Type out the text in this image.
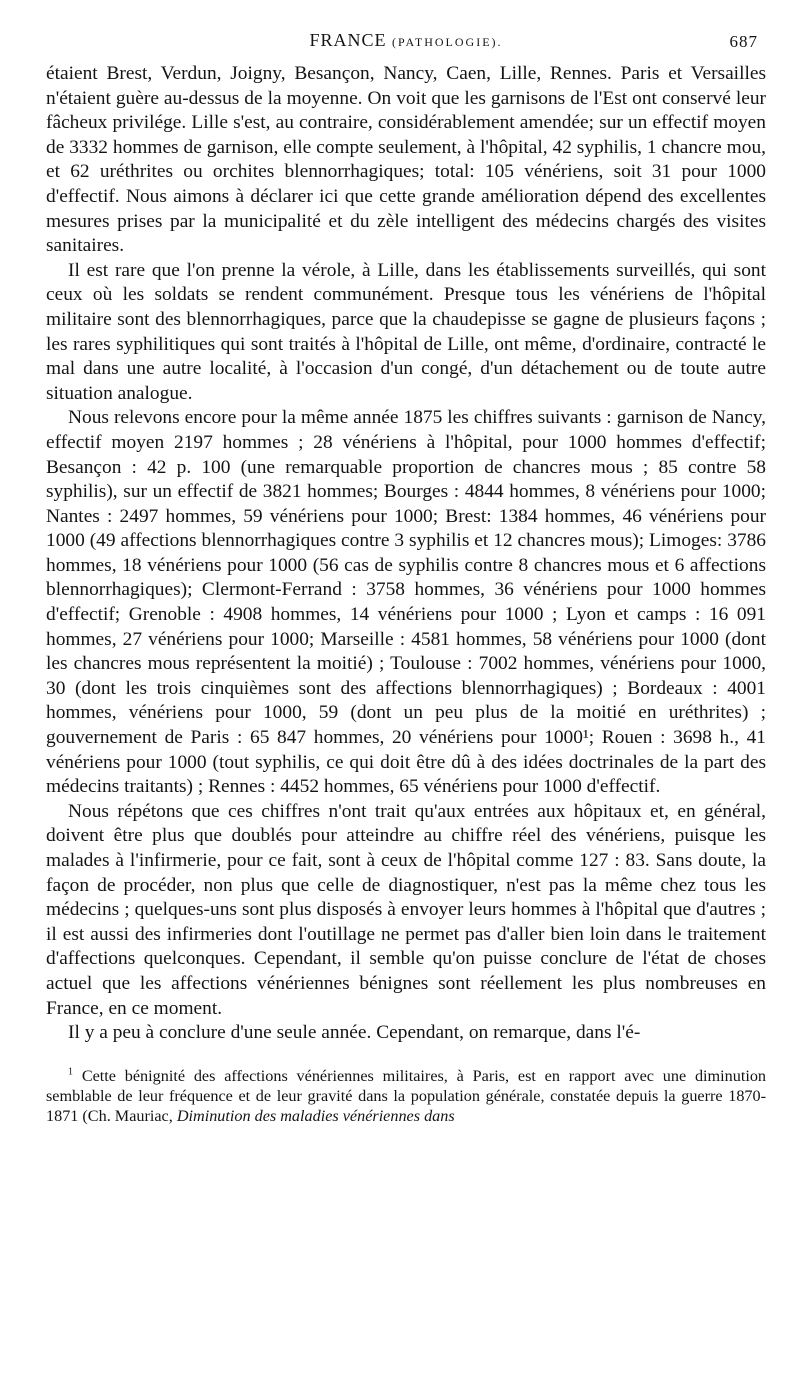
FRANCE (PATHOLOGIE).	687

étaient Brest, Verdun, Joigny, Besançon, Nancy, Caen, Lille, Rennes. Paris et Versailles n'étaient guère au-dessus de la moyenne. On voit que les garnisons de l'Est ont conservé leur fâcheux privilége. Lille s'est, au contraire, considérablement amendée; sur un effectif moyen de 3332 hommes de garnison, elle compte seulement, à l'hôpital, 42 syphilis, 1 chancre mou, et 62 uréthrites ou orchites blennorrhagiques; total: 105 vénériens, soit 31 pour 1000 d'effectif. Nous aimons à déclarer ici que cette grande amélioration dépend des excellentes mesures prises par la municipalité et du zèle intelligent des médecins chargés des visites sanitaires.

Il est rare que l'on prenne la vérole, à Lille, dans les établissements surveillés, qui sont ceux où les soldats se rendent communément. Presque tous les vénériens de l'hôpital militaire sont des blennorrhagiques, parce que la chaudepisse se gagne de plusieurs façons ; les rares syphilitiques qui sont traités à l'hôpital de Lille, ont même, d'ordinaire, contracté le mal dans une autre localité, à l'occasion d'un congé, d'un détachement ou de toute autre situation analogue.

Nous relevons encore pour la même année 1875 les chiffres suivants : garnison de Nancy, effectif moyen 2197 hommes ; 28 vénériens à l'hôpital, pour 1000 hommes d'effectif; Besançon : 42 p. 100 (une remarquable proportion de chancres mous ; 85 contre 58 syphilis), sur un effectif de 3821 hommes; Bourges : 4844 hommes, 8 vénériens pour 1000; Nantes : 2497 hommes, 59 vénériens pour 1000; Brest: 1384 hommes, 46 vénériens pour 1000 (49 affections blennorrhagiques contre 3 syphilis et 12 chancres mous); Limoges: 3786 hommes, 18 vénériens pour 1000 (56 cas de syphilis contre 8 chancres mous et 6 affections blennorrhagiques); Clermont-Ferrand : 3758 hommes, 36 vénériens pour 1000 hommes d'effectif; Grenoble : 4908 hommes, 14 vénériens pour 1000 ; Lyon et camps : 16 091 hommes, 27 vénériens pour 1000; Marseille : 4581 hommes, 58 vénériens pour 1000 (dont les chancres mous représentent la moitié) ; Toulouse : 7002 hommes, vénériens pour 1000, 30 (dont les trois cinquièmes sont des affections blennorrhagiques) ; Bordeaux : 4001 hommes, vénériens pour 1000, 59 (dont un peu plus de la moitié en uréthrites) ; gouvernement de Paris : 65 847 hommes, 20 vénériens pour 1000¹; Rouen : 3698 h., 41 vénériens pour 1000 (tout syphilis, ce qui doit être dû à des idées doctrinales de la part des médecins traitants) ; Rennes : 4452 hommes, 65 vénériens pour 1000 d'effectif.

Nous répétons que ces chiffres n'ont trait qu'aux entrées aux hôpitaux et, en général, doivent être plus que doublés pour atteindre au chiffre réel des vénériens, puisque les malades à l'infirmerie, pour ce fait, sont à ceux de l'hôpital comme 127 : 83. Sans doute, la façon de procéder, non plus que celle de diagnostiquer, n'est pas la même chez tous les médecins ; quelques-uns sont plus disposés à envoyer leurs hommes à l'hôpital que d'autres ; il est aussi des infirmeries dont l'outillage ne permet pas d'aller bien loin dans le traitement d'affections quelconques. Cependant, il semble qu'on puisse conclure de l'état de choses actuel que les affections vénériennes bénignes sont réellement les plus nombreuses en France, en ce moment.

Il y a peu à conclure d'une seule année. Cependant, on remarque, dans l'é-

$^1$ Cette bénignité des affections vénériennes militaires, à Paris, est en rapport avec une diminution semblable de leur fréquence et de leur gravité dans la population générale, constatée depuis la guerre 1870-1871 (Ch. Mauriac, Diminution des maladies vénériennes dans
